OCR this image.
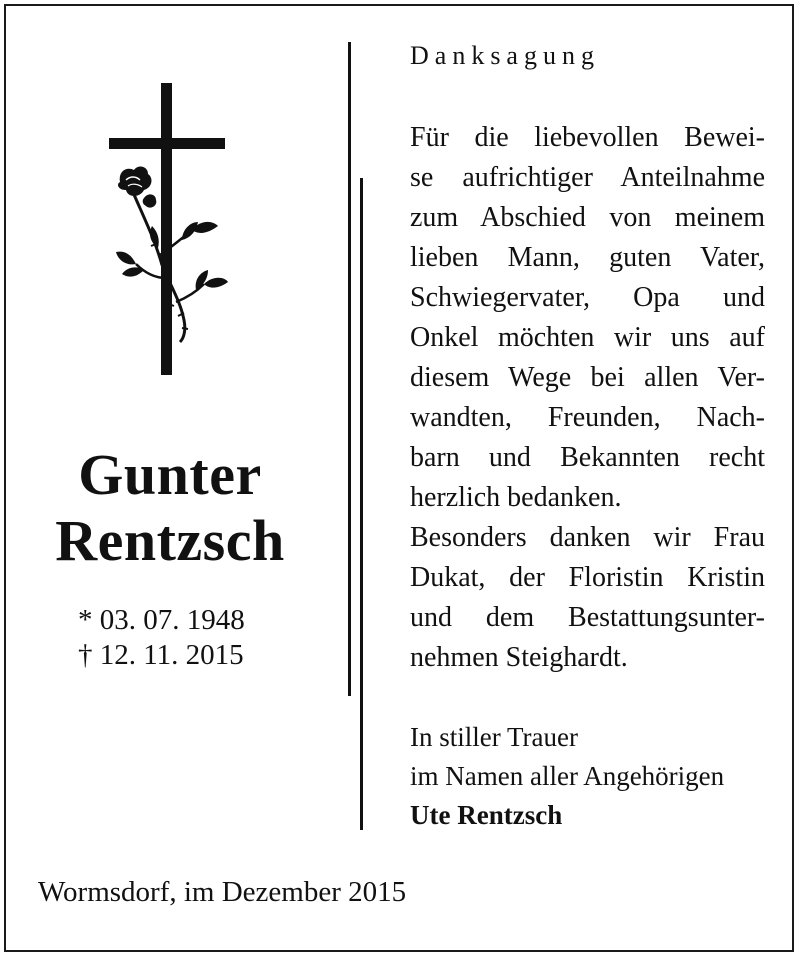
Gunter
Rentzsch
* 03. 07. 1948
† 12. 11. 2015
Danksagung
Für die liebevollen Bewei-
se aufrichtiger Anteilnahme
zum Abschied von meinem
lieben Mann, guten Vater,
Schwiegervater, Opa und
Onkel möchten wir uns auf
diesem Wege bei allen Ver-
wandten, Freunden, Nach-
barn und Bekannten recht
herzlich bedanken.
Besonders danken wir Frau
Dukat, der Floristin Kristin
und dem Bestattungsunter-
nehmen Steighardt.
In stiller Trauer
im Namen aller Angehörigen
Ute Rentzsch
Wormsdorf, im Dezember 2015
